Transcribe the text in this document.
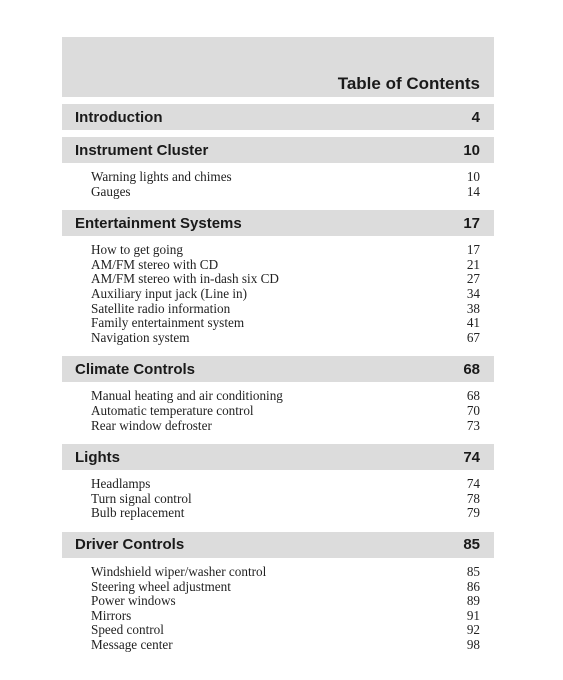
Table of Contents
Introduction	4
Instrument Cluster	10
Warning lights and chimes	10
Gauges	14
Entertainment Systems	17
How to get going	17
AM/FM stereo with CD	21
AM/FM stereo with in-dash six CD	27
Auxiliary input jack (Line in)	34
Satellite radio information	38
Family entertainment system	41
Navigation system	67
Climate Controls	68
Manual heating and air conditioning	68
Automatic temperature control	70
Rear window defroster	73
Lights	74
Headlamps	74
Turn signal control	78
Bulb replacement	79
Driver Controls	85
Windshield wiper/washer control	85
Steering wheel adjustment	86
Power windows	89
Mirrors	91
Speed control	92
Message center	98
